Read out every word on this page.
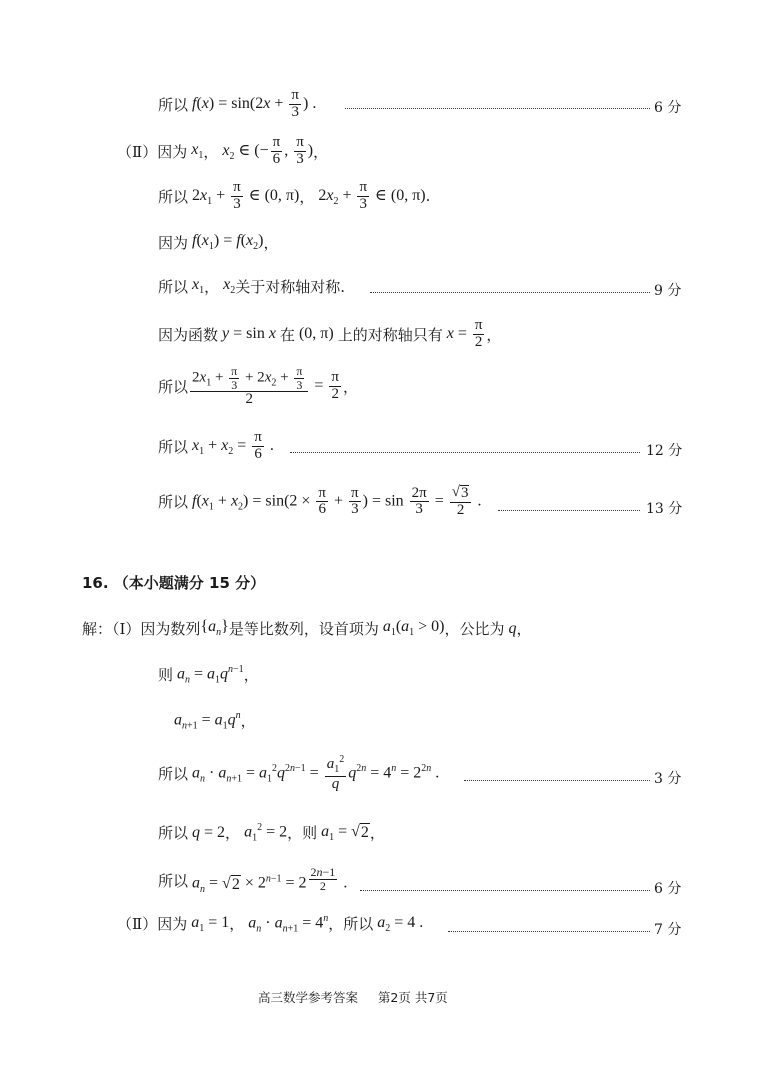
所以 $f(x) = \sin(2x + \frac{\pi}{3}$ ) .	6 分
（Ⅱ）因为 $x_1$ ， $x_2$ ∈ (− $\frac{\pi}{6}$ , $\frac{\pi}{3}$ ) ，
所以 $2x_1 + \frac{\pi}{3}$ ∈ (0, π) ， $2x_2 + \frac{\pi}{3}$ ∈ (0, π) .
因为 $f(x_1) = f(x_2)$ ，
所以 $x_1$ ， $x_2$ 关于对称轴对称.	9 分
因为函数 y = sin x 在 (0, π) 上的对称轴只有 $x = \frac{\pi}{2}$ ，
所以 $\frac{2x_1 + \frac{\pi}{3} + 2x_2 + \frac{\pi}{3}}{2} = \frac{\pi}{2}$ ，
所以 $x_1 + x_2 = \frac{\pi}{6}$ .	12 分
所以 $f(x_1 + x_2) = \sin(2 \times \frac{\pi}{6} + \frac{\pi}{3}$ ) = $\sin \frac{2\pi}{3} = \frac{√ 3}{2}$ .	13 分
16. （本小题满分 15 分）
解：（Ⅰ）因为数列 $\{a_n\}$ 是等比数列，设首项为 $a_1(a_1 > 0)$ ，公比为 q ，
则 $a_n = a_1q^{n-1}$ ，
$a_{n+1} = a_1q^n$ ，
所以 $a_n \cdot a_{n+1} = a_1^2q^{2n-1} = \frac{a_1^2}{q} q^{2n} = 4^n = 2^{2n}$ .	3 分
所以 q = 2 ， $a_1^2 = 2$ ，则 $a_1$ = √ 2 ，
所以 $a_n$ = √ $2 \times 2^{n-1} = 2$ $^{\frac{2n-1}{2}}$ .	6 分
（Ⅱ）因为 $a_1 = 1$ ， $a_n \cdot a_{n+1} = 4^n$ ，所以 $a_2 = 4$ .	7 分
高三数学参考答案 第2页 共7页
